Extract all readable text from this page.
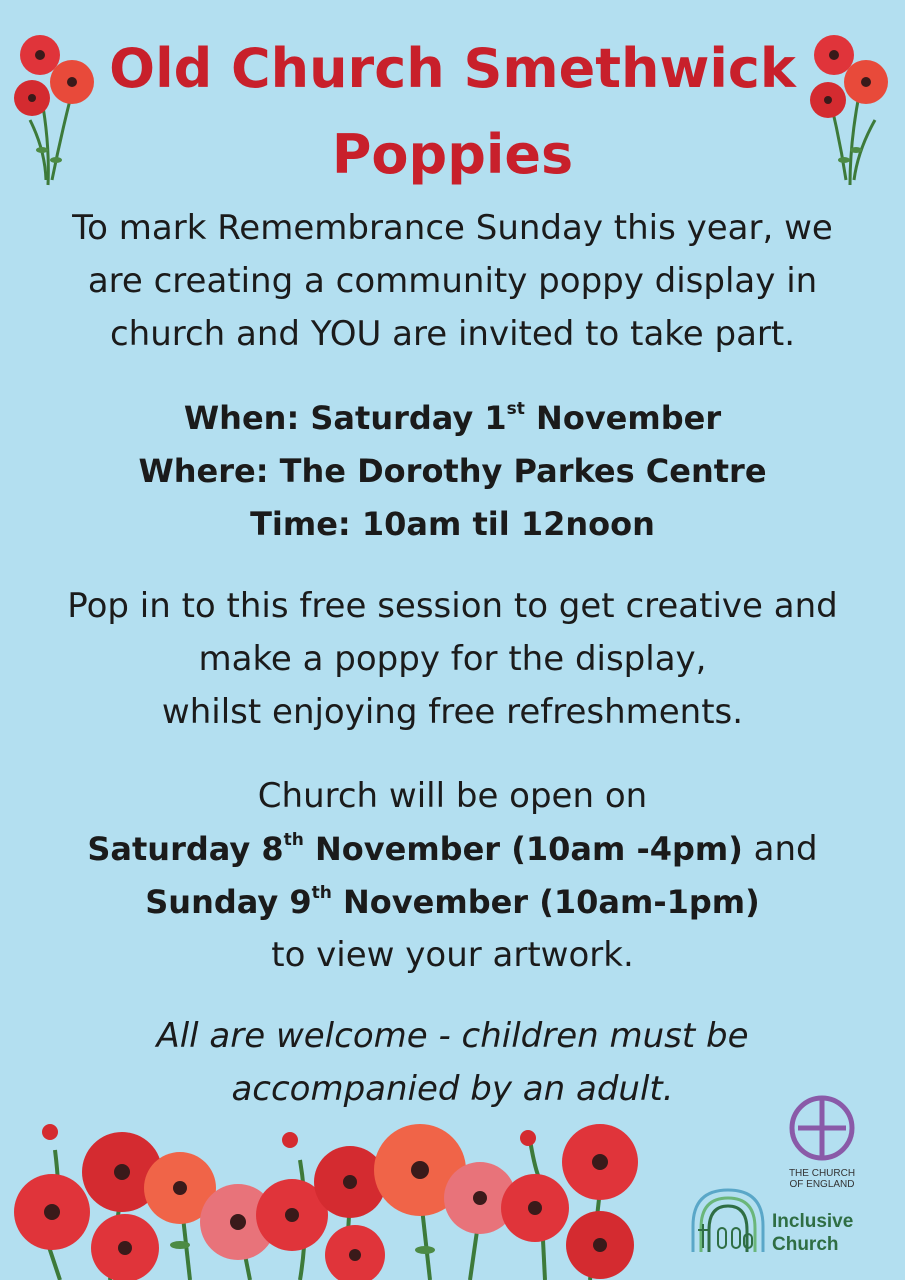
Old Church Smethwick
Poppies
To mark Remembrance Sunday this year, we
are creating a community poppy display in
church and YOU are invited to take part.
When: Saturday 1st November
Where: The Dorothy Parkes Centre
Time: 10am til 12noon
Pop in to this free session to get creative and
make a poppy for the display,
whilst enjoying free refreshments.
Church will be open on
Saturday 8th November (10am -4pm) and
Sunday 9th November (10am-1pm)
to view your artwork.
All are welcome - children must be
accompanied by an adult.
THE CHURCH
OF ENGLAND
Inclusive
Church
